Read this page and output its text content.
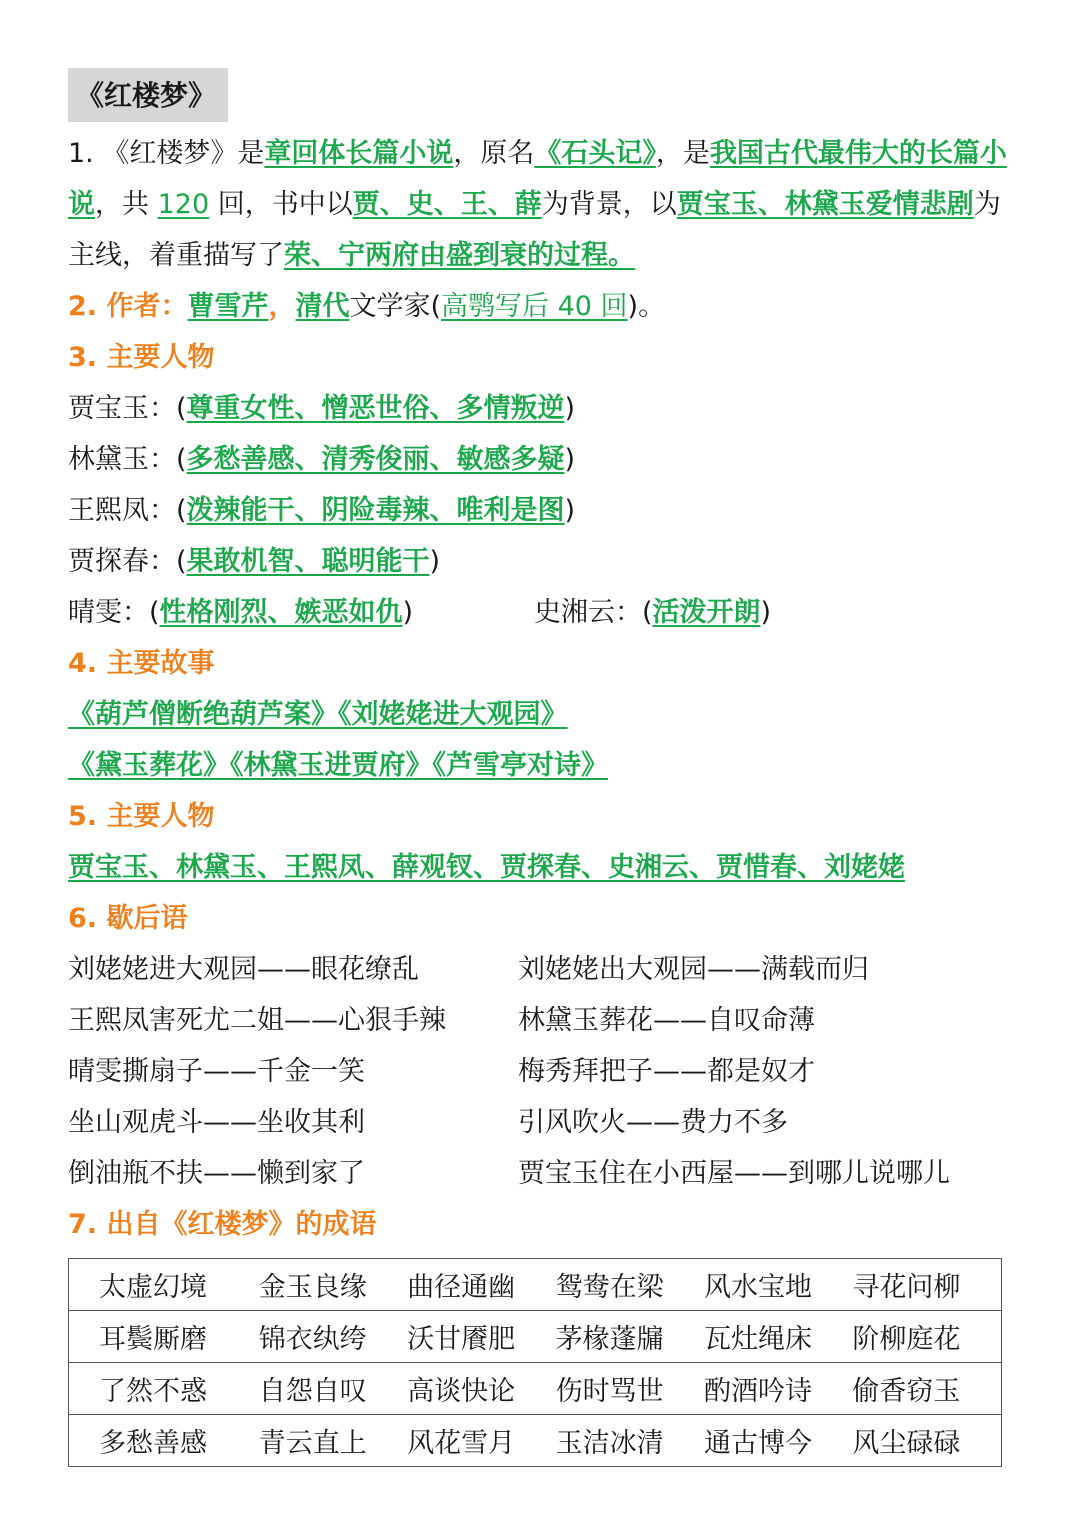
《红楼梦》
1. 《红楼梦》是章回体长篇小说，原名《石头记》，是我国古代最伟大的长篇小说，共 120 回，书中以贾、史、王、薛为背景，以贾宝玉、林黛玉爱情悲剧为主线，着重描写了荣、宁两府由盛到衰的过程。
2. 作者：曹雪芹，清代文学家(高鹗写后 40 回)。
3. 主要人物
贾宝玉：(尊重女性、憎恶世俗、多情叛逆)
林黛玉：(多愁善感、清秀俊丽、敏感多疑)
王熙凤：(泼辣能干、阴险毒辣、唯利是图)
贾探春：(果敢机智、聪明能干)
晴雯：(性格刚烈、嫉恶如仇)	史湘云：(活泼开朗)
4. 主要故事
《葫芦僧断绝葫芦案》《刘姥姥进大观园》
《黛玉葬花》《林黛玉进贾府》《芦雪亭对诗》
5. 主要人物
贾宝玉、林黛玉、王熙凤、薛观钗、贾探春、史湘云、贾惜春、刘姥姥
6. 歇后语
刘姥姥进大观园——眼花缭乱	刘姥姥出大观园——满载而归
王熙凤害死尤二姐——心狠手辣	林黛玉葬花——自叹命薄
晴雯撕扇子——千金一笑	梅秀拜把子——都是奴才
坐山观虎斗——坐收其利	引风吹火——费力不多
倒油瓶不扶——懒到家了	贾宝玉住在小西屋——到哪儿说哪儿
7. 出自《红楼梦》的成语
太虚幻境	金玉良缘	曲径通幽	鸳鸯在梁	风水宝地	寻花问柳
耳鬓厮磨	锦衣纨绔	沃甘餍肥	茅椽蓬牖	瓦灶绳床	阶柳庭花
了然不惑	自怨自叹	高谈快论	伤时骂世	酌酒吟诗	偷香窃玉
多愁善感	青云直上	风花雪月	玉洁冰清	通古博今	风尘碌碌
